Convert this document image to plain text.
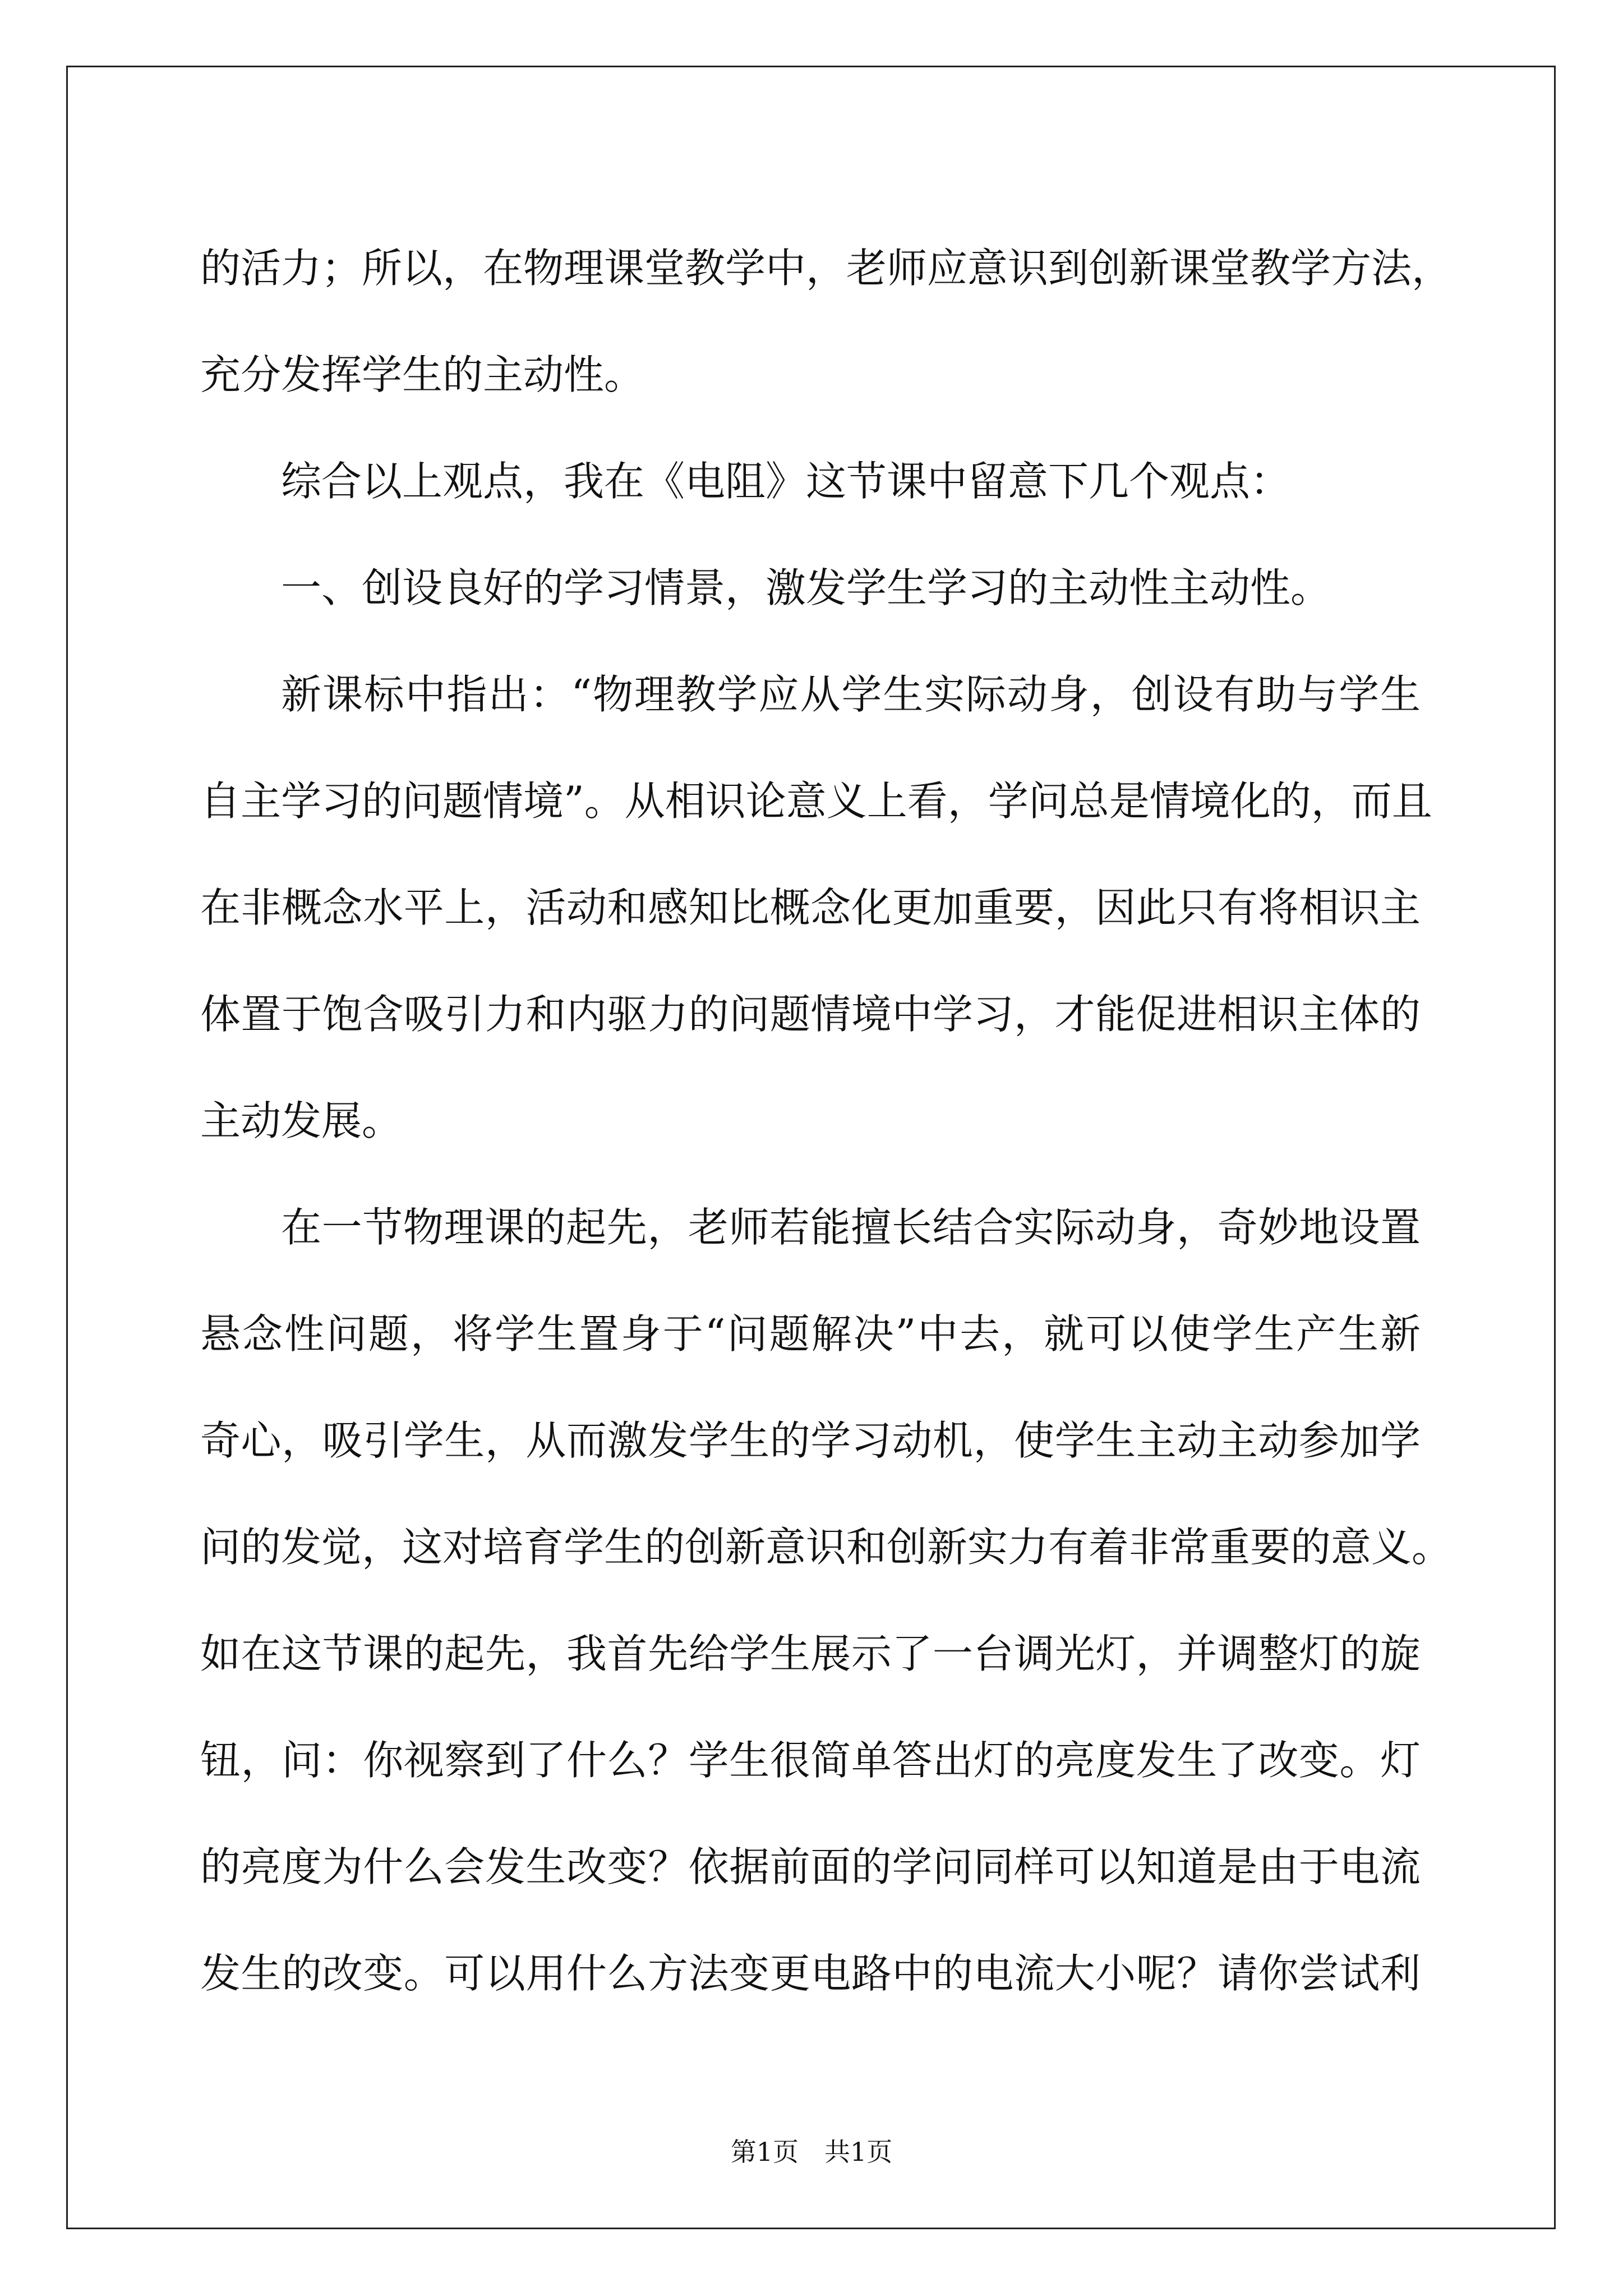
的活力；所以，在物理课堂教学中，老师应意识到创新课堂教学方法，
充分发挥学生的主动性。
综合以上观点，我在《电阻》这节课中留意下几个观点：
一、创设良好的学习情景，激发学生学习的主动性主动性。
新课标中指出：“物理教学应从学生实际动身，创设有助与学生
自主学习的问题情境”。从相识论意义上看，学问总是情境化的，而且
在非概念水平上，活动和感知比概念化更加重要，因此只有将相识主
体置于饱含吸引力和内驱力的问题情境中学习，才能促进相识主体的
主动发展。
在一节物理课的起先，老师若能擅长结合实际动身，奇妙地设置
悬念性问题，将学生置身于“问题解决”中去，就可以使学生产生新
奇心，吸引学生，从而激发学生的学习动机，使学生主动主动参加学
问的发觉，这对培育学生的创新意识和创新实力有着非常重要的意义。
如在这节课的起先，我首先给学生展示了一台调光灯，并调整灯的旋
钮，问：你视察到了什么？学生很简单答出灯的亮度发生了改变。灯
的亮度为什么会发生改变？依据前面的学问同样可以知道是由于电流
发生的改变。可以用什么方法变更电路中的电流大小呢？请你尝试利
第1页 共1页
